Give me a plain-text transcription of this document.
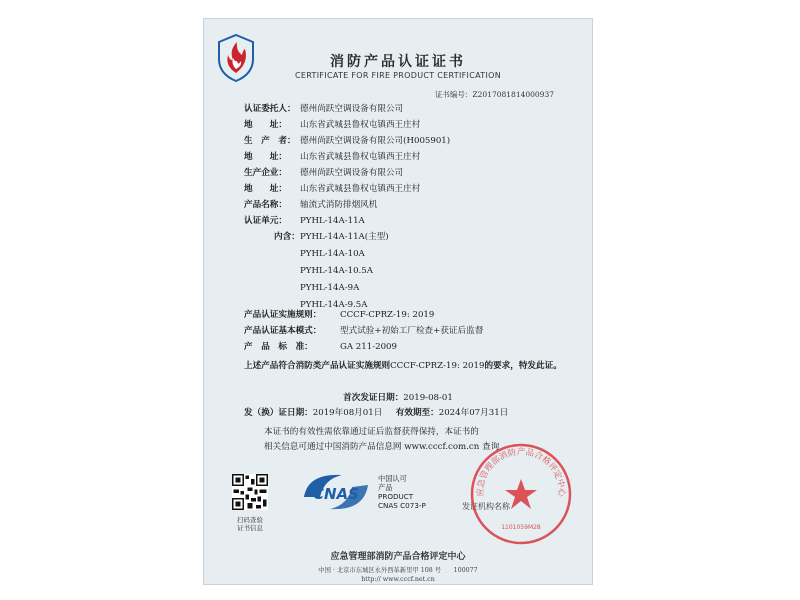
消防产品认证证书
CERTIFICATE FOR FIRE PRODUCT CERTIFICATION
证书编号：Z2017081814000937
认证委托人： 德州尚跃空调设备有限公司
地　　址： 山东省武城县鲁权屯镇西王庄村
生　产　者： 德州尚跃空调设备有限公司(H005901)
地　　址： 山东省武城县鲁权屯镇西王庄村
生产企业： 德州尚跃空调设备有限公司
地　　址： 山东省武城县鲁权屯镇西王庄村
产品名称： 轴流式消防排烟风机
认证单元： PYHL-14A-11A
内含：PYHL-14A-11A(主型)
PYHL-14A-10A
PYHL-14A-10.5A
PYHL-14A-9A
PYHL-14A-9.5A
产品认证实施规则： CCCF-CPRZ-19: 2019
产品认证基本模式： 型式试验+初始工厂检查+获证后监督
产　品　标　准：	GA 211-2009
上述产品符合消防类产品认证实施规则CCCF-CPRZ-19: 2019的要求，特发此证。
首次发证日期：2019-08-01
发（换）证日期：2019年08月01日 有效期至：2024年07月31日
本证书的有效性需依靠通过证后监督获得保持，本证书的
相关信息可通过中国消防产品信息网 www.cccf.com.cn 查询
扫码查验
证书信息
CNAS
中国认可
产品
PRODUCT
CNAS C073-P	发证机构名称
应急管理部消防产品合格评定中心
1101059M28
应急管理部消防产品合格评定中心
中国 · 北京市东城区永外西革新里甲 108 号　　100077
http:// www.cccf.net.cn
